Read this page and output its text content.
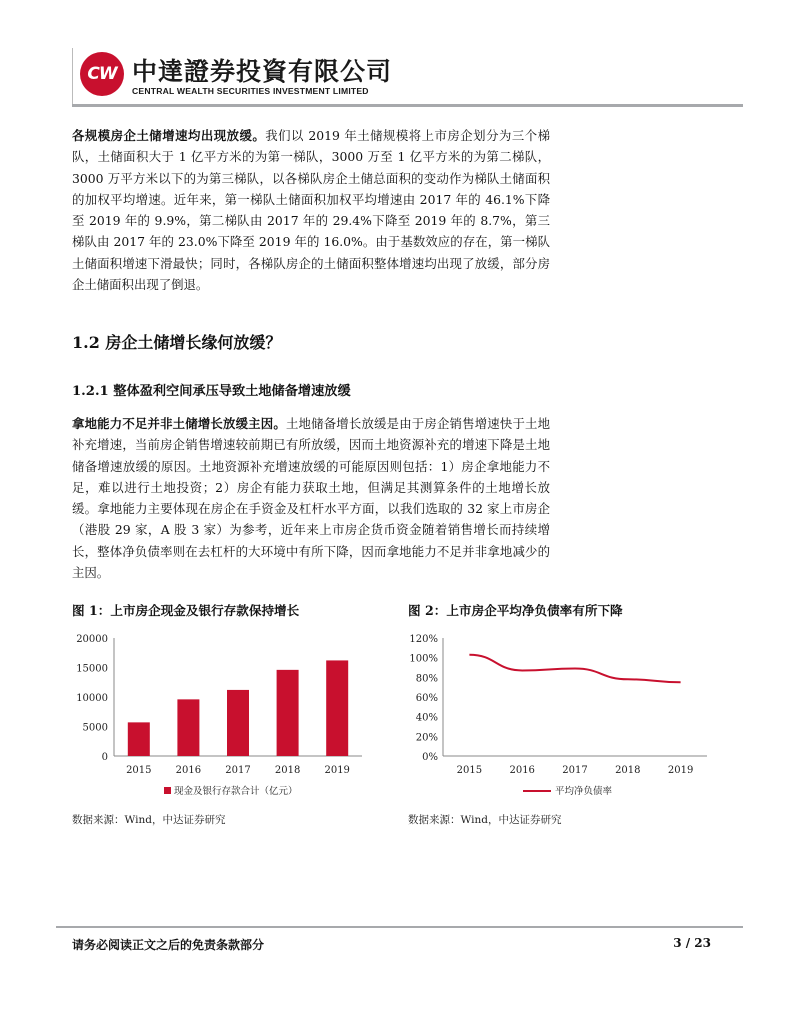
CW 中達證券投資有限公司
CENTRAL WEALTH SECURITIES INVESTMENT LIMITED
各规模房企土储增速均出现放缓。我们以 2019 年土储规模将上市房企划分为三个梯队，土储面积大于 1 亿平方米的为第一梯队，3000 万至 1 亿平方米的为第二梯队，3000 万平方米以下的为第三梯队，以各梯队房企土储总面积的变动作为梯队土储面积的加权平均增速。近年来，第一梯队土储面积加权平均增速由 2017 年的 46.1%下降至 2019 年的 9.9%，第二梯队由 2017 年的 29.4%下降至 2019 年的 8.7%，第三梯队由 2017 年的 23.0%下降至 2019 年的 16.0%。由于基数效应的存在，第一梯队土储面积增速下滑最快；同时，各梯队房企的土储面积整体增速均出现了放缓，部分房企土储面积出现了倒退。
1.2 房企土储增长缘何放缓？
1.2.1 整体盈利空间承压导致土地储备增速放缓
拿地能力不足并非土储增长放缓主因。土地储备增长放缓是由于房企销售增速快于土地补充增速，当前房企销售增速较前期已有所放缓，因而土地资源补充的增速下降是土地储备增速放缓的原因。土地资源补充增速放缓的可能原因则包括：1）房企拿地能力不足，难以进行土地投资；2）房企有能力获取土地，但满足其测算条件的土地增长放缓。拿地能力主要体现在房企在手资金及杠杆水平方面，以我们选取的 32 家上市房企（港股 29 家，A 股 3 家）为参考，近年来上市房企货币资金随着销售增长而持续增长，整体净负债率则在去杠杆的大环境中有所下降，因而拿地能力不足并非拿地减少的主因。
图 1：上市房企现金及银行存款保持增长	图 2：上市房企平均净负债率有所下降
0
5000
10000
15000
20000
2015 2016 2017 2018 2019
现金及银行存款合计（亿元）
0%
20%
40%
60%
80%
100%
120%
2015	2016	2017	2018	2019
平均净负债率
数据来源：Wind，中达证券研究	数据来源：Wind，中达证券研究
请务必阅读正文之后的免责条款部分	3 / 23
